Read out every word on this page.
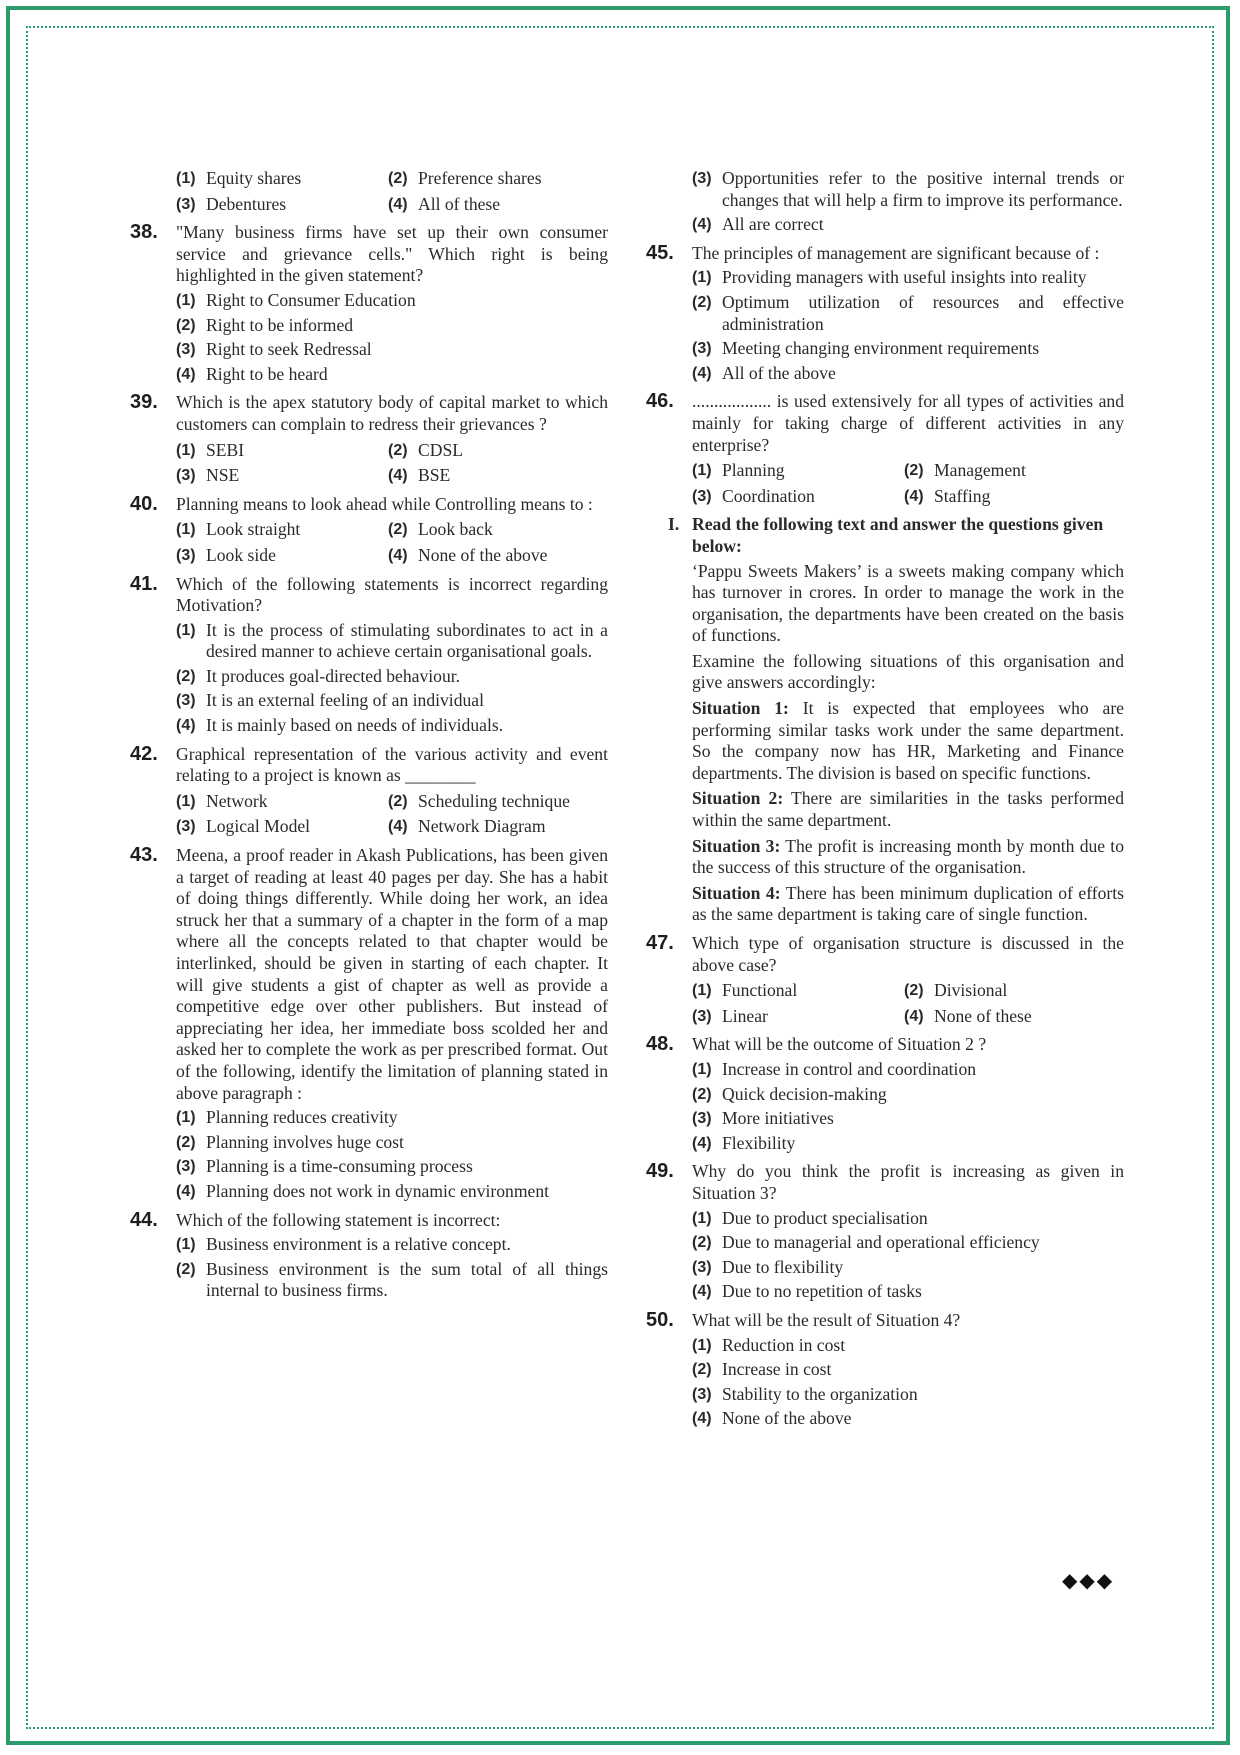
(1) Equity shares	(2) Preference shares
(3) Debentures	(4) All of these
38. "Many business firms have set up their own consumer service and grievance cells." Which right is being highlighted in the given statement?
(1) Right to Consumer Education
(2) Right to be informed
(3) Right to seek Redressal
(4) Right to be heard
39. Which is the apex statutory body of capital market to which customers can complain to redress their grievances ?
(1) SEBI	(2) CDSL
(3) NSE	(4) BSE
40. Planning means to look ahead while Controlling means to :
(1) Look straight	(2) Look back
(3) Look side	(4) None of the above
41. Which of the following statements is incorrect regarding Motivation?
(1) It is the process of stimulating subordinates to act in a desired manner to achieve certain organisational goals.
(2) It produces goal-directed behaviour.
(3) It is an external feeling of an individual
(4) It is mainly based on needs of individuals.
42. Graphical representation of the various activity and event relating to a project is known as ________
(1) Network	(2) Scheduling technique
(3) Logical Model	(4) Network Diagram
43. Meena, a proof reader in Akash Publications, has been given a target of reading at least 40 pages per day. She has a habit of doing things differently. While doing her work, an idea struck her that a summary of a chapter in the form of a map where all the concepts related to that chapter would be interlinked, should be given in starting of each chapter. It will give students a gist of chapter as well as provide a competitive edge over other publishers. But instead of appreciating her idea, her immediate boss scolded her and asked her to complete the work as per prescribed format. Out of the following, identify the limitation of planning stated in above paragraph :
(1) Planning reduces creativity
(2) Planning involves huge cost
(3) Planning is a time-consuming process
(4) Planning does not work in dynamic environment
44. Which of the following statement is incorrect:
(1) Business environment is a relative concept.
(2) Business environment is the sum total of all things internal to business firms.
(3) Opportunities refer to the positive internal trends or changes that will help a firm to improve its performance.
(4) All are correct
45. The principles of management are significant because of :
(1) Providing managers with useful insights into reality
(2) Optimum utilization of resources and effective administration
(3) Meeting changing environment requirements
(4) All of the above
46. .................. is used extensively for all types of activities and mainly for taking charge of different activities in any enterprise?
(1) Planning	(2) Management
(3) Coordination	(4) Staffing
I. Read the following text and answer the questions given below:
‘Pappu Sweets Makers’ is a sweets making company which has turnover in crores. In order to manage the work in the organisation, the departments have been created on the basis of functions.
Examine the following situations of this organisation and give answers accordingly:
Situation 1: It is expected that employees who are performing similar tasks work under the same department. So the company now has HR, Marketing and Finance departments. The division is based on specific functions.
Situation 2: There are similarities in the tasks performed within the same department.
Situation 3: The profit is increasing month by month due to the success of this structure of the organisation.
Situation 4: There has been minimum duplication of efforts as the same department is taking care of single function.
47. Which type of organisation structure is discussed in the above case?
(1) Functional	(2) Divisional
(3) Linear	(4) None of these
48. What will be the outcome of Situation 2 ?
(1) Increase in control and coordination
(2) Quick decision-making
(3) More initiatives
(4) Flexibility
49. Why do you think the profit is increasing as given in Situation 3?
(1) Due to product specialisation
(2) Due to managerial and operational efficiency
(3) Due to flexibility
(4) Due to no repetition of tasks
50. What will be the result of Situation 4?
(1) Reduction in cost
(2) Increase in cost
(3) Stability to the organization
(4) None of the above
◆◆◆
